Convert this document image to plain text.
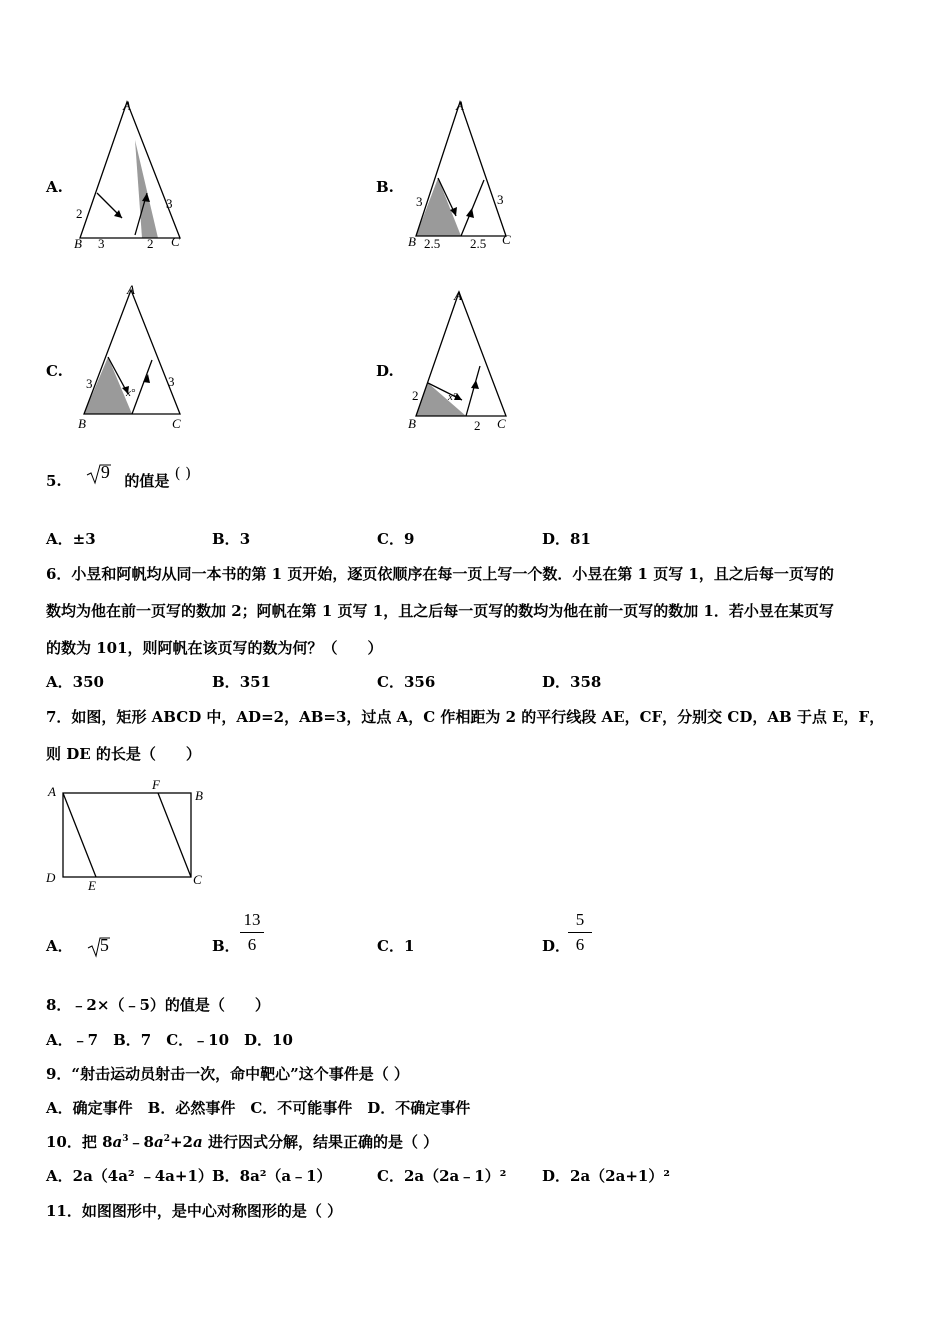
A.
A
B	C
2
3	2
3
B.
A
B	C
3
2.5 2.5
3
C.
A
B	C
3	3
x°
D.
A
B	C
2
2
x°
5. 9 的值是 ( )
A．±3	B．3	C．9	D．81
6．小昱和阿帆均从同一本书的第 1 页开始，逐页依顺序在每一页上写一个数．小昱在第 1 页写 1，且之后每一页写的
数均为他在前一页写的数加 2；阿帆在第 1 页写 1，且之后每一页写的数均为他在前一页写的数加 1．若小昱在某页写
的数为 101，则阿帆在该页写的数为何？（　　）
A．350	B．351	C．356	D．358
7．如图，矩形 ABCD 中，AD=2，AB=3，过点 A，C 作相距为 2 的平行线段 AE，CF，分别交 CD，AB 于点 E，F，
则 DE 的长是（　　）
A	F
B
D
E	C
A． 5	B．
13
6	C．1	D．
5
6
8．﹣2×（﹣5）的值是（　　）
A．﹣7　B．7　C．﹣10　D．10
9．“射击运动员射击一次，命中靶心”这个事件是（ ）
A．确定事件　B．必然事件　C．不可能事件　D．不确定事件
10．把 $8a^3﹣8a^2+2a$ 进行因式分解，结果正确的是（ ）
A．2a（4a² ﹣4a+1） B．8a²（a﹣1）	C．2a（2a﹣1）² D．2a（2a+1）²
11．如图图形中，是中心对称图形的是（ ）
